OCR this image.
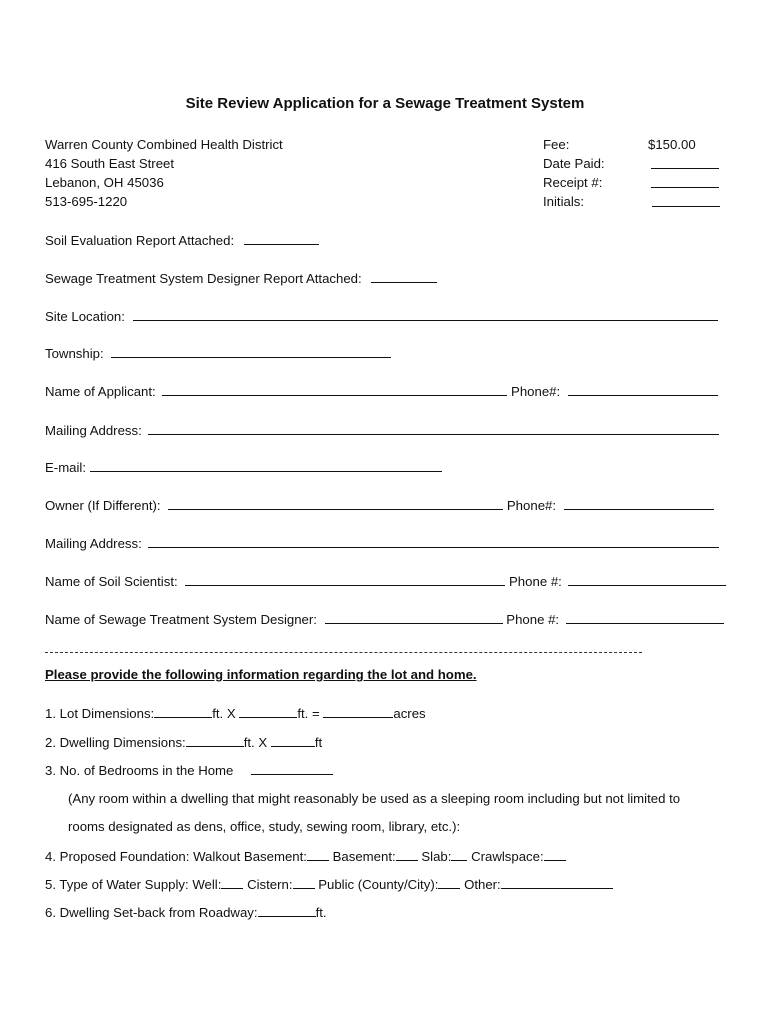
Site Review Application for a Sewage Treatment System
Warren County Combined Health District
416 South East Street
Lebanon, OH 45036
513-695-1220
Fee:	$150.00
Date Paid:
Receipt #:
Initials:
Soil Evaluation Report Attached:
Sewage Treatment System Designer Report Attached:
Site Location:
Township:
Name of Applicant:	Phone#:
Mailing Address:
E-mail:
Owner (If Different):	Phone#:
Mailing Address:
Name of Soil Scientist:	Phone #:
Name of Sewage Treatment System Designer:	Phone #:
Please provide the following information regarding the lot and home.
1. Lot Dimensions:	ft. X	ft. =	acres
2. Dwelling Dimensions:	ft. X	ft
3. No. of Bedrooms in the Home
(Any room within a dwelling that might reasonably be used as a sleeping room including but not limited to
rooms designated as dens, office, study, sewing room, library, etc.):
4. Proposed Foundation: Walkout Basement: Basement: Slab: Crawlspace:
5. Type of Water Supply: Well: Cistern: Public (County/City): Other:
6. Dwelling Set-back from Roadway:	ft.
